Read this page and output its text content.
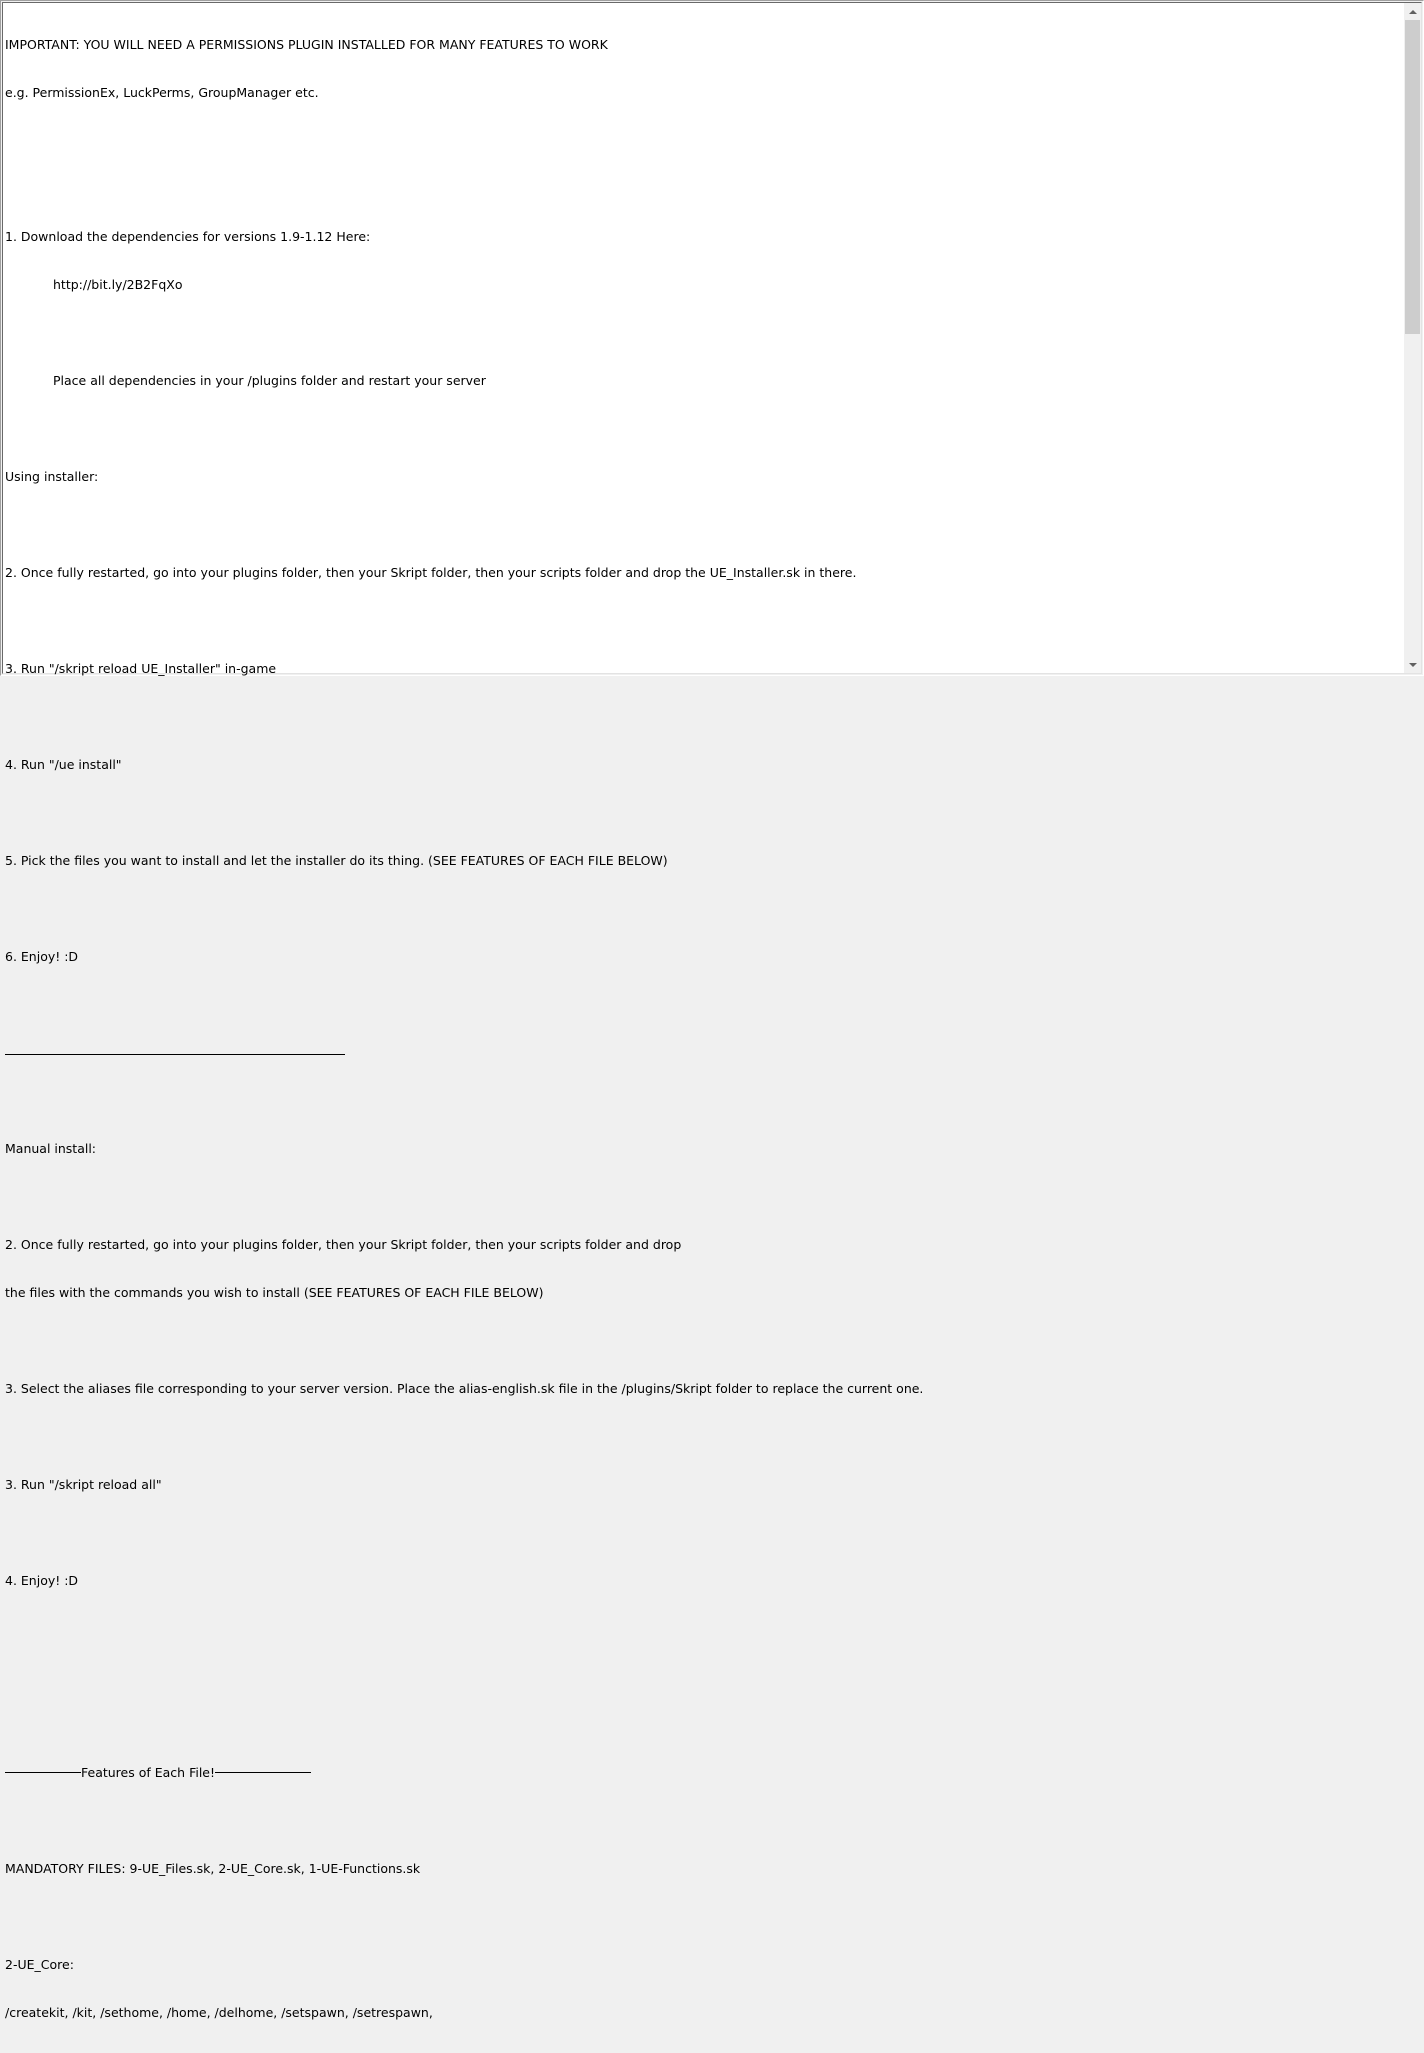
IMPORTANT: YOU WILL NEED A PERMISSIONS PLUGIN INSTALLED FOR MANY FEATURES TO WORK

e.g. PermissionEx, LuckPerms, GroupManager etc.

1. Download the dependencies for versions 1.9-1.12 Here:

http://bit.ly/2B2FqXo

Place all dependencies in your /plugins folder and restart your server

Using installer:

2. Once fully restarted, go into your plugins folder, then your Skript folder, then your scripts folder and drop the UE_Installer.sk in there.

3. Run "/skript reload UE_Installer" in-game

4. Run "/ue install"

5. Pick the files you want to install and let the installer do its thing. (SEE FEATURES OF EACH FILE BELOW)

6. Enjoy! :D

Manual install:

2. Once fully restarted, go into your plugins folder, then your Skript folder, then your scripts folder and drop

the files with the commands you wish to install (SEE FEATURES OF EACH FILE BELOW)

3. Select the aliases file corresponding to your server version. Place the alias-english.sk file in the /plugins/Skript folder to replace the current one.

3. Run "/skript reload all"

4. Enjoy! :D

Features of Each File!

MANDATORY FILES: 9-UE_Files.sk, 2-UE_Core.sk, 1-UE-Functions.sk

2-UE_Core:

/createkit, /kit, /sethome, /home, /delhome, /setspawn, /setrespawn,
